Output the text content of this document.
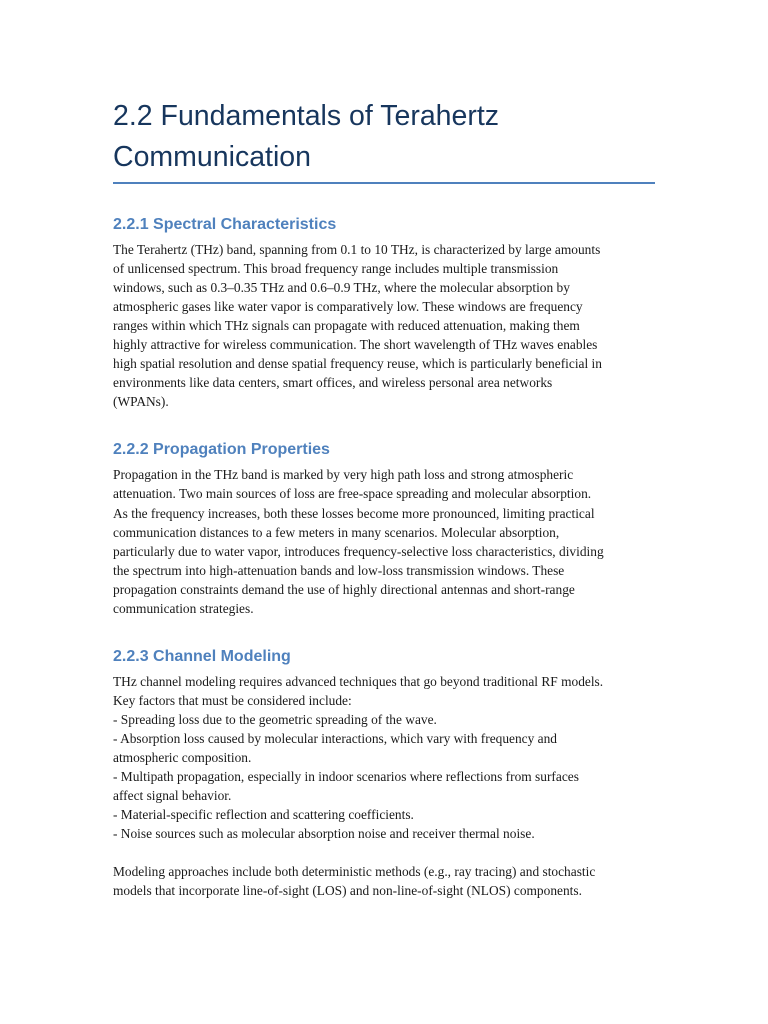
2.2 Fundamentals of Terahertz
Communication
2.2.1 Spectral Characteristics

The Terahertz (THz) band, spanning from 0.1 to 10 THz, is characterized by large amounts
of unlicensed spectrum. This broad frequency range includes multiple transmission
windows, such as 0.3–0.35 THz and 0.6–0.9 THz, where the molecular absorption by
atmospheric gases like water vapor is comparatively low. These windows are frequency
ranges within which THz signals can propagate with reduced attenuation, making them
highly attractive for wireless communication. The short wavelength of THz waves enables
high spatial resolution and dense spatial frequency reuse, which is particularly beneficial in
environments like data centers, smart offices, and wireless personal area networks
(WPANs).

2.2.2 Propagation Properties

Propagation in the THz band is marked by very high path loss and strong atmospheric
attenuation. Two main sources of loss are free-space spreading and molecular absorption.
As the frequency increases, both these losses become more pronounced, limiting practical
communication distances to a few meters in many scenarios. Molecular absorption,
particularly due to water vapor, introduces frequency-selective loss characteristics, dividing
the spectrum into high-attenuation bands and low-loss transmission windows. These
propagation constraints demand the use of highly directional antennas and short-range
communication strategies.

2.2.3 Channel Modeling

THz channel modeling requires advanced techniques that go beyond traditional RF models.
Key factors that must be considered include:
- Spreading loss due to the geometric spreading of the wave.
- Absorption loss caused by molecular interactions, which vary with frequency and
atmospheric composition.
- Multipath propagation, especially in indoor scenarios where reflections from surfaces
affect signal behavior.
- Material-specific reflection and scattering coefficients.
- Noise sources such as molecular absorption noise and receiver thermal noise.

Modeling approaches include both deterministic methods (e.g., ray tracing) and stochastic
models that incorporate line-of-sight (LOS) and non-line-of-sight (NLOS) components.
